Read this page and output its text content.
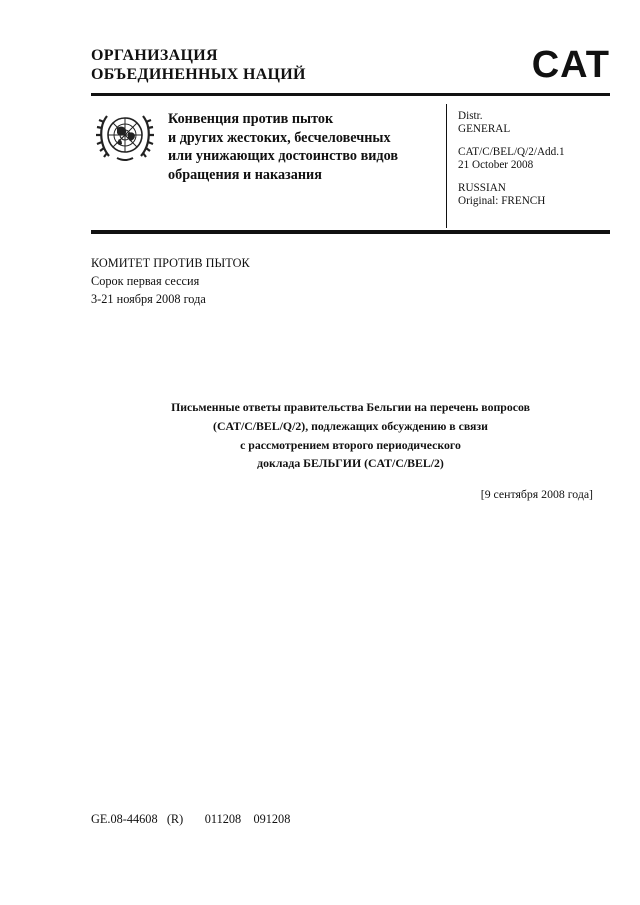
ОРГАНИЗАЦИЯ
ОБЪЕДИНЕННЫХ НАЦИЙ	CAT
Конвенция против пыток
и других жестоких, бесчеловечных
или унижающих достоинство видов
обращения и наказания
Distr.
GENERAL
CAT/C/BEL/Q/2/Add.1
21 October 2008
RUSSIAN
Original: FRENCH
КОМИТЕТ ПРОТИВ ПЫТОК
Сорок первая сессия
3-21 ноября 2008 года
Письменные ответы правительства Бельгии на перечень вопросов
(CAT/C/BEL/Q/2), подлежащих обсуждению в связи
с рассмотрением второго периодического
доклада БЕЛЬГИИ (CAT/C/BEL/2)
[9 сентября 2008 года]
GE.08-44608   (R)       011208    091208
